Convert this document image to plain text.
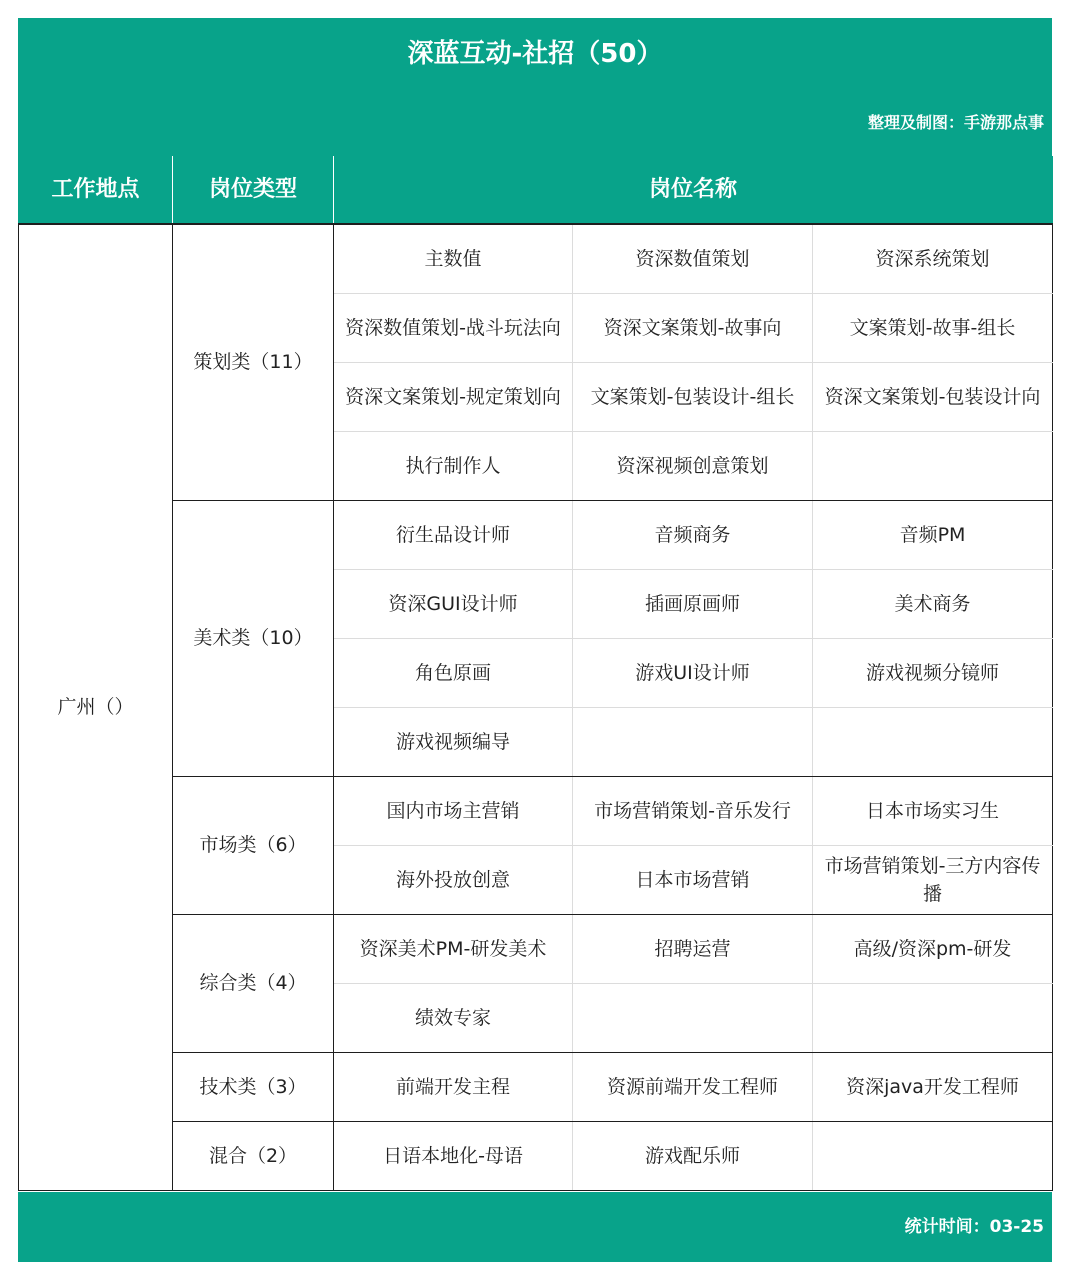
深蓝互动-社招（50）
整理及制图：手游那点事
工作地点	岗位类型	岗位名称		
广州（）	策划类（11）	主数值	资深数值策划	资深系统策划
		资深数值策划-战斗玩法向	资深文案策划-故事向	文案策划-故事-组长
		资深文案策划-规定策划向	文案策划-包装设计-组长	资深文案策划-包装设计向
		执行制作人	资深视频创意策划	
	美术类（10）	衍生品设计师	音频商务	音频PM
		资深GUI设计师	插画原画师	美术商务
		角色原画	游戏UI设计师	游戏视频分镜师
		游戏视频编导		
	市场类（6）	国内市场主营销	市场营销策划-音乐发行	日本市场实习生
		海外投放创意	日本市场营销	市场营销策划-三方内容传播
	综合类（4）	资深美术PM-研发美术	招聘运营	高级/资深pm-研发
		绩效专家		
	技术类（3）	前端开发主程	资源前端开发工程师	资深java开发工程师
	混合（2）	日语本地化-母语	游戏配乐师	
统计时间：03-25
